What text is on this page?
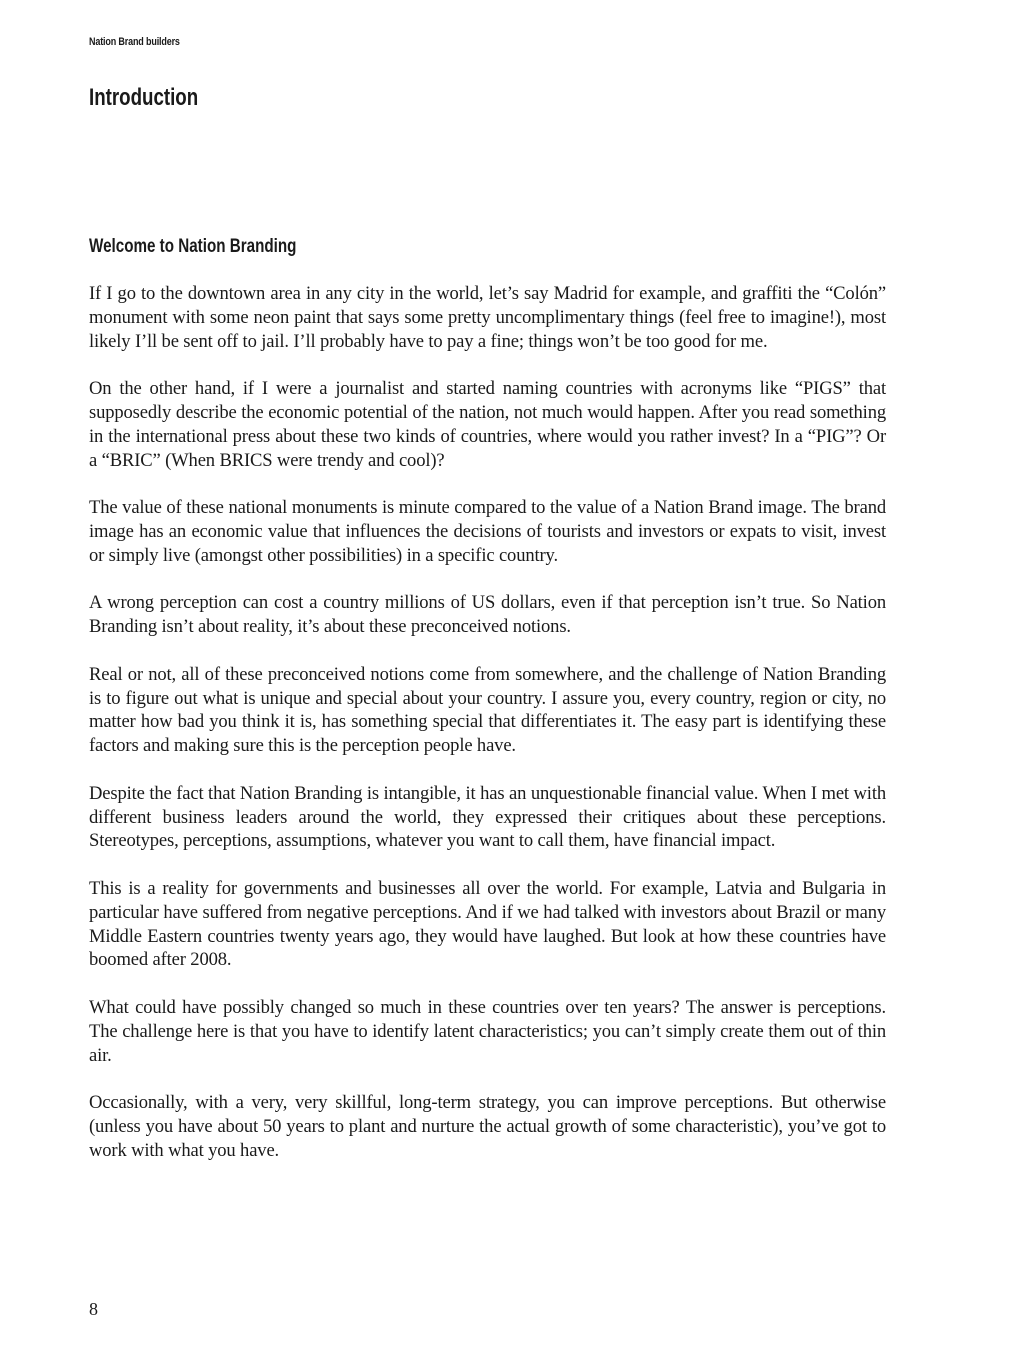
Nation Brand builders
Introduction
Welcome to Nation Branding

If I go to the downtown area in any city in the world, let’s say Madrid for example, and graffiti the “Colón” monument with some neon paint that says some pretty uncomplimentary things (feel free to imagine!), most likely I’ll be sent off to jail. I’ll probably have to pay a fine; things won’t be too good for me.

On the other hand, if I were a journalist and started naming countries with acronyms like “PIGS” that supposedly describe the economic potential of the nation, not much would happen. After you read something in the international press about these two kinds of countries, where would you rather invest? In a “PIG”? Or a “BRIC” (When BRICS were trendy and cool)?

The value of these national monuments is minute compared to the value of a Nation Brand image. The brand image has an economic value that influences the decisions of tourists and investors or expats to visit, invest or simply live (amongst other possibilities) in a specific country.

A wrong perception can cost a country millions of US dollars, even if that perception isn’t true. So Nation Branding isn’t about reality, it’s about these preconceived notions.

Real or not, all of these preconceived notions come from somewhere, and the challenge of Nation Branding is to figure out what is unique and special about your country. I assure you, every country, region or city, no matter how bad you think it is, has something special that differentiates it. The easy part is identifying these factors and making sure this is the perception people have.

Despite the fact that Nation Branding is intangible, it has an unquestionable financial value. When I met with different business leaders around the world, they expressed their critiques about these perceptions. Stereotypes, perceptions, assumptions, whatever you want to call them, have financial impact.

This is a reality for governments and businesses all over the world. For example, Latvia and Bulgaria in particular have suffered from negative perceptions. And if we had talked with investors about Brazil or many Middle Eastern countries twenty years ago, they would have laughed. But look at how these countries have boomed after 2008.

What could have possibly changed so much in these countries over ten years? The answer is perceptions. The challenge here is that you have to identify latent characteristics; you can’t simply create them out of thin air.

Occasionally, with a very, very skillful, long-term strategy, you can improve perceptions. But otherwise (unless you have about 50 years to plant and nurture the actual growth of some characteristic), you’ve got to work with what you have.

8
